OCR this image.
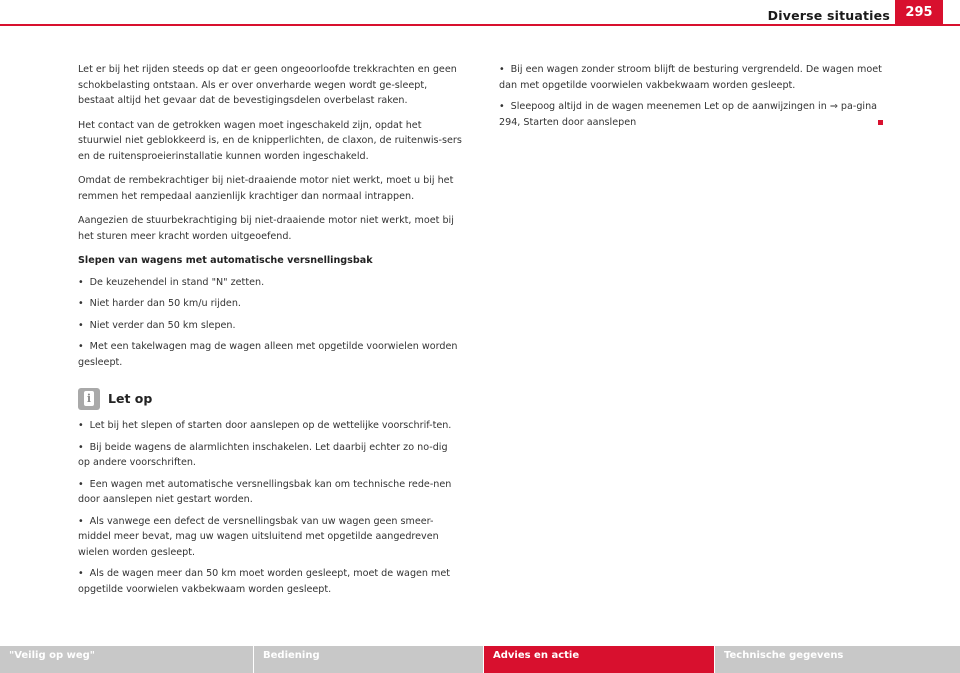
Diverse situaties	295

Let er bij het rijden steeds op dat er geen ongeoorloofde trekkrachten en geen schokbelasting ontstaan. Als er over onverharde wegen wordt ge-sleept, bestaat altijd het gevaar dat de bevestigingsdelen overbelast raken.

Het contact van de getrokken wagen moet ingeschakeld zijn, opdat het stuurwiel niet geblokkeerd is, en de knipperlichten, de claxon, de ruitenwis-sers en de ruitensproeierinstallatie kunnen worden ingeschakeld.

Omdat de rembekrachtiger bij niet-draaiende motor niet werkt, moet u bij het remmen het rempedaal aanzienlijk krachtiger dan normaal intrappen.

Aangezien de stuurbekrachtiging bij niet-draaiende motor niet werkt, moet bij het sturen meer kracht worden uitgeoefend.

Slepen van wagens met automatische versnellingsbak
• De keuzehendel in stand "N" zetten.
• Niet harder dan 50 km/u rijden.
• Niet verder dan 50 km slepen.
• Met een takelwagen mag de wagen alleen met opgetilde voorwielen worden gesleept.
i Let op
• Let bij het slepen of starten door aanslepen op de wettelijke voorschrif-ten.
• Bij beide wagens de alarmlichten inschakelen. Let daarbij echter zo no-dig op andere voorschriften.
• Een wagen met automatische versnellingsbak kan om technische rede-nen door aanslepen niet gestart worden.
• Als vanwege een defect de versnellingsbak van uw wagen geen smeer-middel meer bevat, mag uw wagen uitsluitend met opgetilde aangedreven wielen worden gesleept.
• Als de wagen meer dan 50 km moet worden gesleept, moet de wagen met opgetilde voorwielen vakbekwaam worden gesleept.
• Bij een wagen zonder stroom blijft de besturing vergrendeld. De wagen moet dan met opgetilde voorwielen vakbekwaam worden gesleept.
• Sleepoog altijd in de wagen meenemen Let op de aanwijzingen in ⇒ pa-gina 294, Starten door aanslepen
"Veilig op weg"	Bediening	Advies en actie	Technische gegevens
